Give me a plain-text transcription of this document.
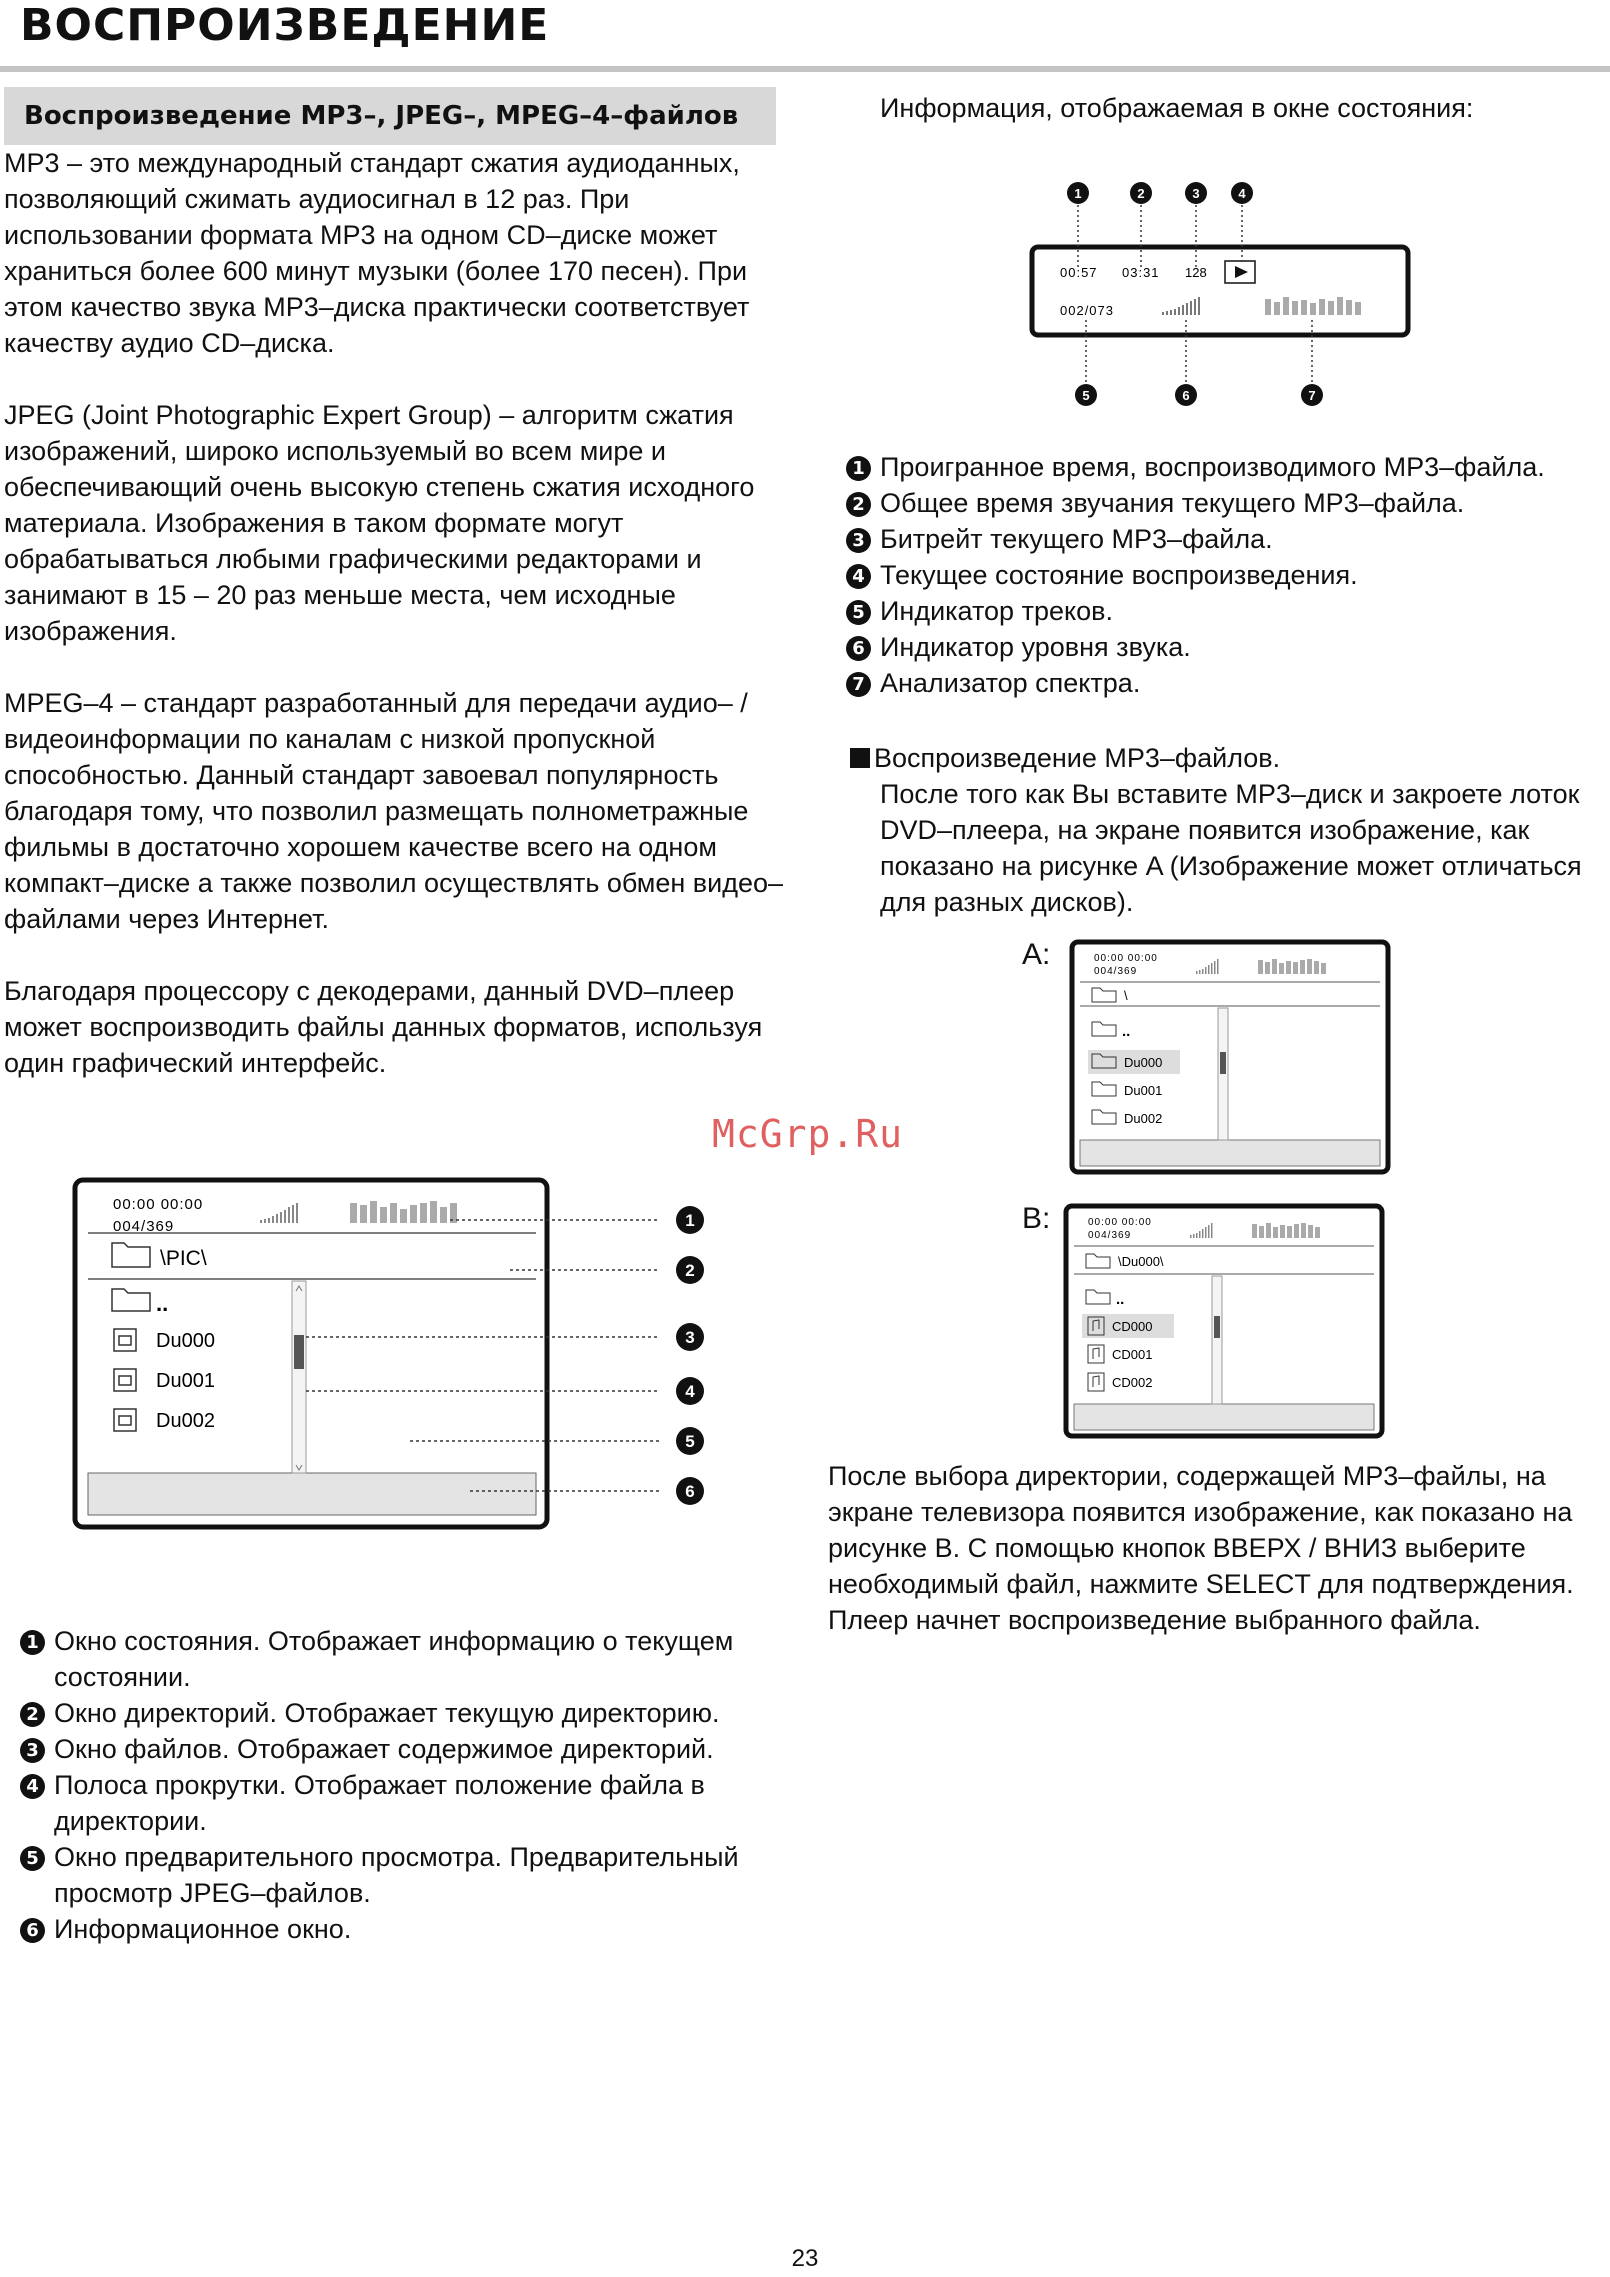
ВОСПРОИЗВЕДЕНИЕ
Воспроизведение MP3–, JPEG–, MPEG–4–файлов

MP3 – это международный стандарт сжатия аудиоданных, позволяющий сжимать аудиосигнал в 12 раз. При использовании формата MP3 на одном CD–диске может храниться более 600 минут музыки (более 170 песен). При этом качество звука MP3–диска практически соответствует качеству аудио CD–диска.

JPEG (Joint Photographic Expert Group) – алгоритм сжатия изображений, широко используемый во всем мире и обеспечивающий очень высокую степень сжатия исходного материала. Изображения в таком формате могут обрабатываться любыми графическими редакторами и занимают в 15 – 20 раз меньше места, чем исходные изображения.

MPEG–4 – стандарт разработанный для передачи аудио– / видеоинформации по каналам с низкой пропускной способностью. Данный стандарт завоевал популярность благодаря тому, что позволил размещать полнометражные фильмы в достаточно хорошем качестве всего на одном компакт–диске а также позволил осуществлять обмен видео–файлами через Интернет.

Благодаря процессору с декодерами, данный DVD–плеер может воспроизводить файлы данных форматов, используя один графический интерфейс.

00:00 00:00
004/369
\PIC\
..
Du000
Du001
Du002
1
2
3
4
5
6
1 Окно состояния. Отображает информацию о текущем состоянии.
2 Окно директорий. Отображает текущую директорию.
3 Окно файлов. Отображает содержимое директорий.
4 Полоса прокрутки. Отображает положение файла в директории.
5 Окно предварительного просмотра. Предварительный просмотр JPEG–файлов.
6 Информационное окно.

Информация, отображаемая в окне состояния:

00:57 03:31 128
002/073
1	2	3	4
5	6	7
1 Проигранное время, воспроизводимого MP3–файла.
2 Общее время звучания текущего MP3–файла.
3 Битрейт текущего MP3–файла.
4 Текущее состояние воспроизведения.
5 Индикатор треков.
6 Индикатор уровня звука.
7 Анализатор спектра.
Воспроизведение MP3–файлов.

После того как Вы вставите MP3–диск и закроете лоток DVD–плеера, на экране появится изображение, как показано на рисунке A (Изображение может отличаться для разных дисков).

A:	00:00 00:00
004/369
\
..
Du000
Du001
Du002
B:	00:00 00:00
004/369
\Du000\
..
CD000
CD001
CD002

После выбора директории, содержащей MP3–файлы, на экране телевизора появится изображение, как показано на рисунке B. С помощью кнопок ВВЕРХ / ВНИЗ выберите необходимый файл, нажмите SELECT для подтверждения. Плеер начнет воспроизведение выбранного файла.

McGrp.Ru
23
